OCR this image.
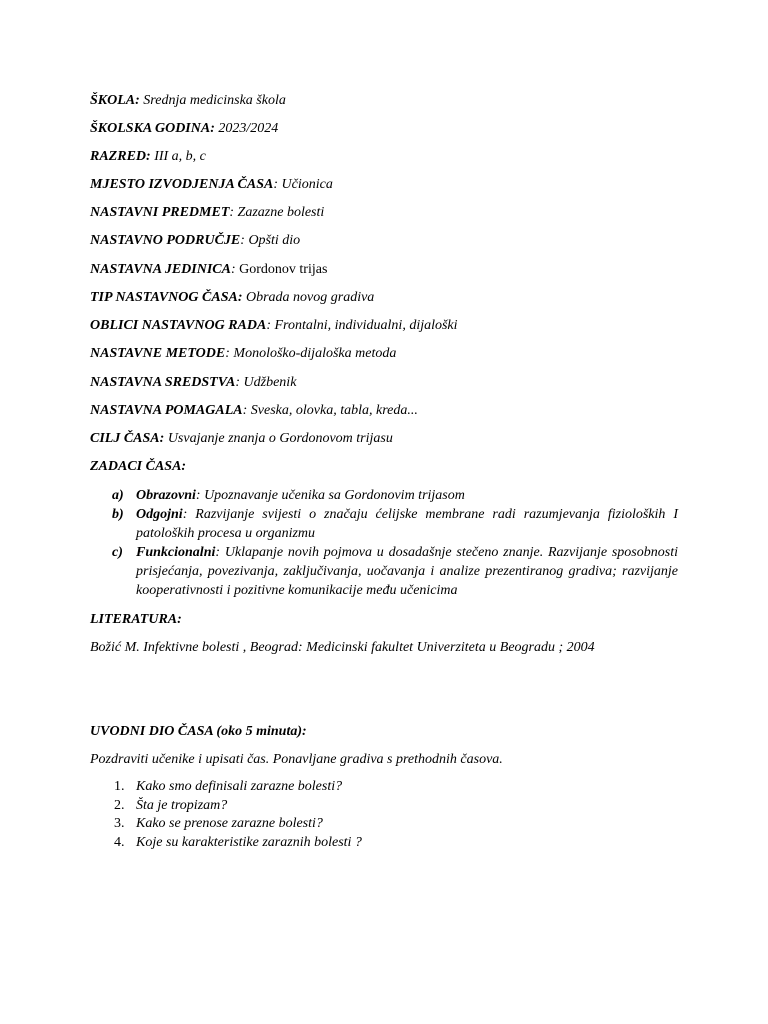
ŠKOLA: Srednja medicinska škola
ŠKOLSKA GODINA: 2023/2024
RAZRED: III a, b, c
MJESTO IZVODJENJA ČASA: Učionica
NASTAVNI PREDMET: Zazazne bolesti
NASTAVNO PODRUČJE: Opšti dio
NASTAVNA JEDINICA: Gordonov trijas
TIP NASTAVNOG ČASA: Obrada novog gradiva
OBLICI NASTAVNOG RADA: Frontalni, individualni, dijaloški
NASTAVNE METODE: Monološko-dijaloška metoda
NASTAVNA SREDSTVA: Udžbenik
NASTAVNA POMAGALA: Sveska, olovka, tabla, kreda...
CILJ ČASA: Usvajanje znanja o Gordonovom trijasu
ZADACI ČASA:
a) Obrazovni: Upoznavanje učenika sa Gordonovim trijasom
b) Odgojni: Razvijanje svijesti o značaju ćelijske membrane radi razumjevanja fizioloških I patoloških procesa u organizmu
c) Funkcionalni: Uklapanje novih pojmova u dosadašnje stečeno znanje. Razvijanje sposobnosti prisjećanja, povezivanja, zaključivanja, uočavanja i analize prezentiranog gradiva; razvijanje kooperativnosti i pozitivne komunikacije među učenicima
LITERATURA:
Božić M. Infektivne bolesti , Beograd: Medicinski fakultet Univerziteta u Beogradu ; 2004
UVODNI DIO ČASA (oko 5 minuta):
Pozdraviti učenike i upisati čas. Ponavljane gradiva s prethodnih časova.
1. Kako smo definisali zarazne bolesti?
2. Šta je tropizam?
3. Kako se prenose zarazne bolesti?
4. Koje su karakteristike zaraznih bolesti ?
